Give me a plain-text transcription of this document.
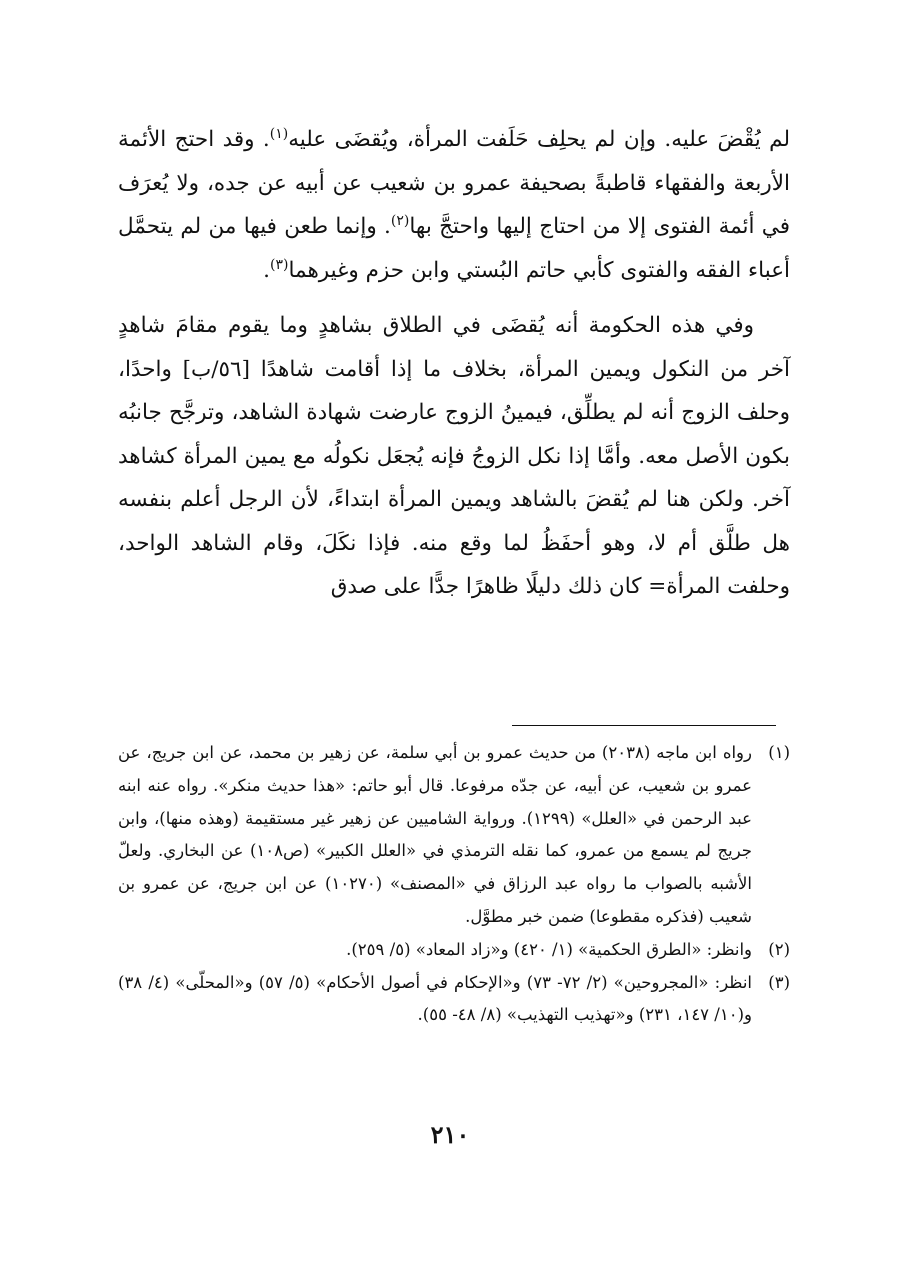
لم يُقْضَ عليه. وإن لم يحلِف حَلَفت المرأة، ويُقضَى عليه$^{(١)}$. وقد احتج الأئمة الأربعة والفقهاء قاطبةً بصحيفة عمرو بن شعيب عن أبيه عن جده، ولا يُعرَف في أئمة الفتوى إلا من احتاج إليها واحتجَّ بها$^{(٢)}$. وإنما طعن فيها من لم يتحمَّل أعباء الفقه والفتوى كأبي حاتم البُستي وابن حزم وغيرهما$^{(٣)}$.

وفي هذه الحكومة أنه يُقضَى في الطلاق بشاهدٍ وما يقوم مقامَ شاهدٍ آخر من النكول ويمين المرأة، بخلاف ما إذا أقامت شاهدًا [٥٦/ب] واحدًا، وحلف الزوج أنه لم يطلِّق، فيمينُ الزوج عارضت شهادة الشاهد، وترجَّح جانبُه بكون الأصل معه. وأمَّا إذا نكل الزوجُ فإنه يُجعَل نكولُه مع يمين المرأة كشاهد آخر. ولكن هنا لم يُقضَ بالشاهد ويمين المرأة ابتداءً، لأن الرجل أعلم بنفسه هل طلَّق أم لا، وهو أحفَظُ لما وقع منه. فإذا نكَلَ، وقام الشاهد الواحد، وحلفت المرأة= كان ذلك دليلًا ظاهرًا جدًّا على صدق

(١)
رواه ابن ماجه (٢٠٣٨) من حديث عمرو بن أبي سلمة، عن زهير بن محمد، عن ابن جريج، عن عمرو بن شعيب، عن أبيه، عن جدّه مرفوعا. قال أبو حاتم: «هذا حديث منكر». رواه عنه ابنه عبد الرحمن في «العلل» (١٢٩٩). ورواية الشاميين عن زهير غير مستقيمة (وهذه منها)، وابن جريج لم يسمع من عمرو، كما نقله الترمذي في «العلل الكبير» (ص١٠٨) عن البخاري. ولعلّ الأشبه بالصواب ما رواه عبد الرزاق في «المصنف» (١٠٢٧٠) عن ابن جريج، عن عمرو بن شعيب (فذكره مقطوعا) ضمن خبر مطوَّل.

(٢)
وانظر: «الطرق الحكمية» (١/ ٤٢٠) و«زاد المعاد» (٥/ ٢٥٩).

(٣)
انظر: «المجروحين» (٢/ ٧٢- ٧٣) و«الإحكام في أصول الأحكام» (٥/ ٥٧) و«المحلّى» (٤/ ٣٨) و(١٠/ ١٤٧، ٢٣١) و«تهذيب التهذيب» (٨/ ٤٨- ٥٥).

٢١٠
